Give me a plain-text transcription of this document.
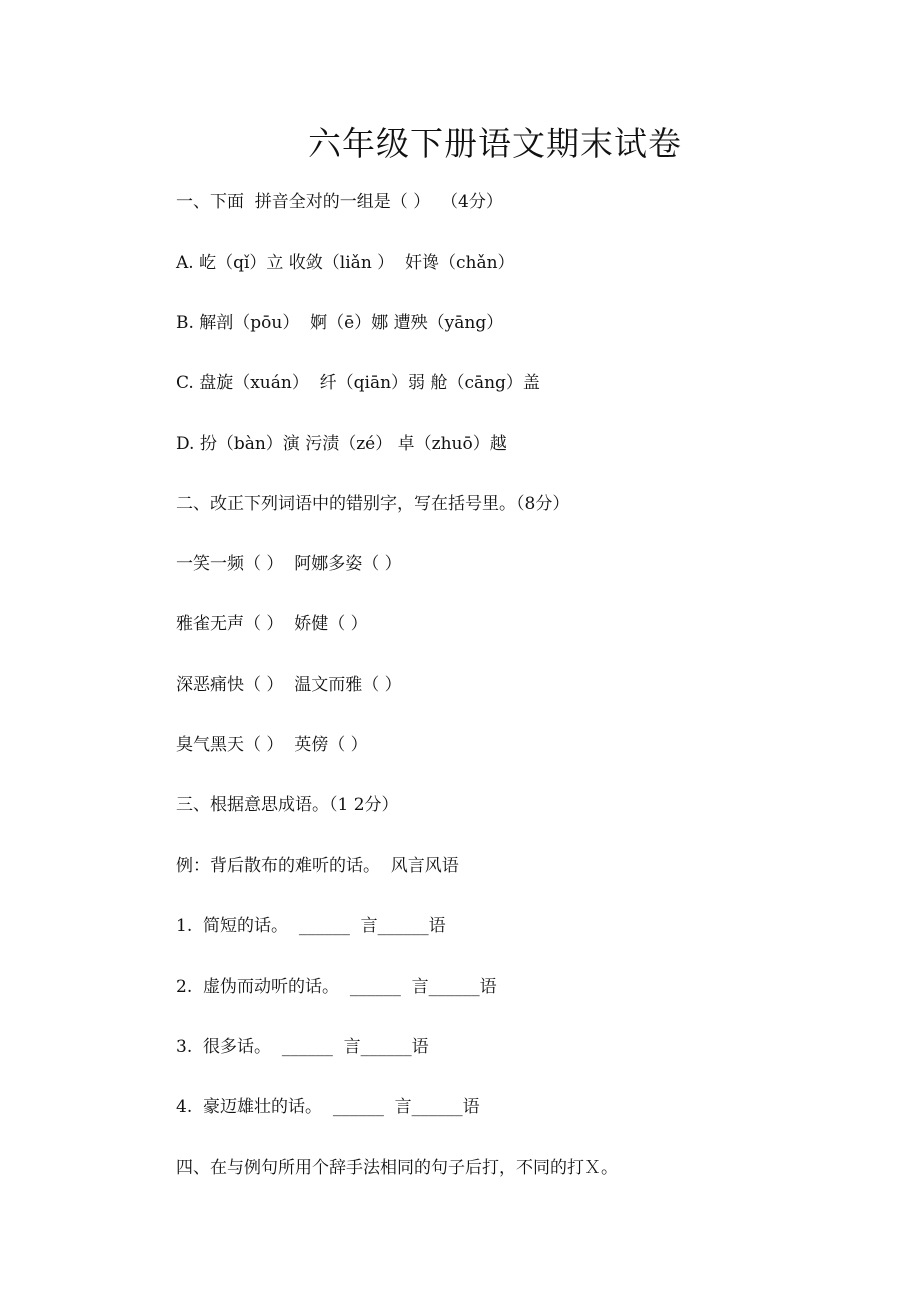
六年级下册语文期末试卷
一、下面  拼音全对的一组是（ ）  （4分）
A. 屹（qǐ）立 收敛（liǎn ）  奸谗（chǎn）
B. 解剖（pōu）  婀（ē）娜 遭殃（yāng）
C. 盘旋（xuán）  纤（qiān）弱 舱（cāng）盖
D. 扮（bàn）演 污渍（zé） 卓（zhuō）越
二、改正下列词语中的错别字，写在括号里。（8分）
一笑一频（ ）  阿娜多姿（ ）
雅雀无声（ ）  娇健（ ）
深恶痛快（ ）  温文而雅（ ）
臭气黑天（ ）  英傍（ ）
三、根据意思成语。（1 2分）
例：背后散布的难听的话。  风言风语
1.  简短的话。  ______  言______语
2.  虚伪而动听的话。  ______  言______语
3.  很多话。  ______  言______语
4.  豪迈雄壮的话。  ______  言______语
四、在与例句所用个辞手法相同的句子后打，不同的打Ｘ。
